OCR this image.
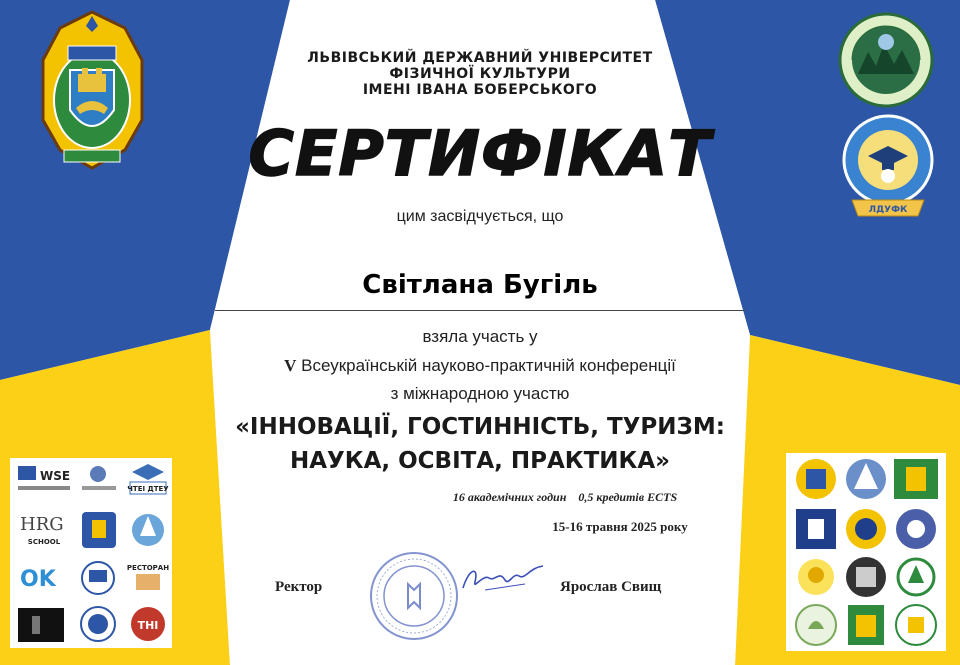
ЛДУФК
ЛЬВІВСЬКИЙ ДЕРЖАВНИЙ УНІВЕРСИТЕТ
ФІЗИЧНОЇ КУЛЬТУРИ
ІМЕНІ ІВАНА БОБЕРСЬКОГО
СЕРТИФІКАТ
цим засвідчується, що
Світлана Бугіль
взяла участь у
V Всеукраїнській науково-практичній конференції
з міжнародною участю
«ІННОВАЦІЇ, ГОСТИННІСТЬ, ТУРИЗМ:
НАУКА, ОСВІТА, ПРАКТИКА»
16 академічних годин    0,5 кредитів ECTS
15-16 травня 2025 року
Ректор	Ярослав Свищ
WSE
ЧТЕІ ДТЕУ
HRG
SCHOOL
OK	РЕСТОРАН
ТНІ
